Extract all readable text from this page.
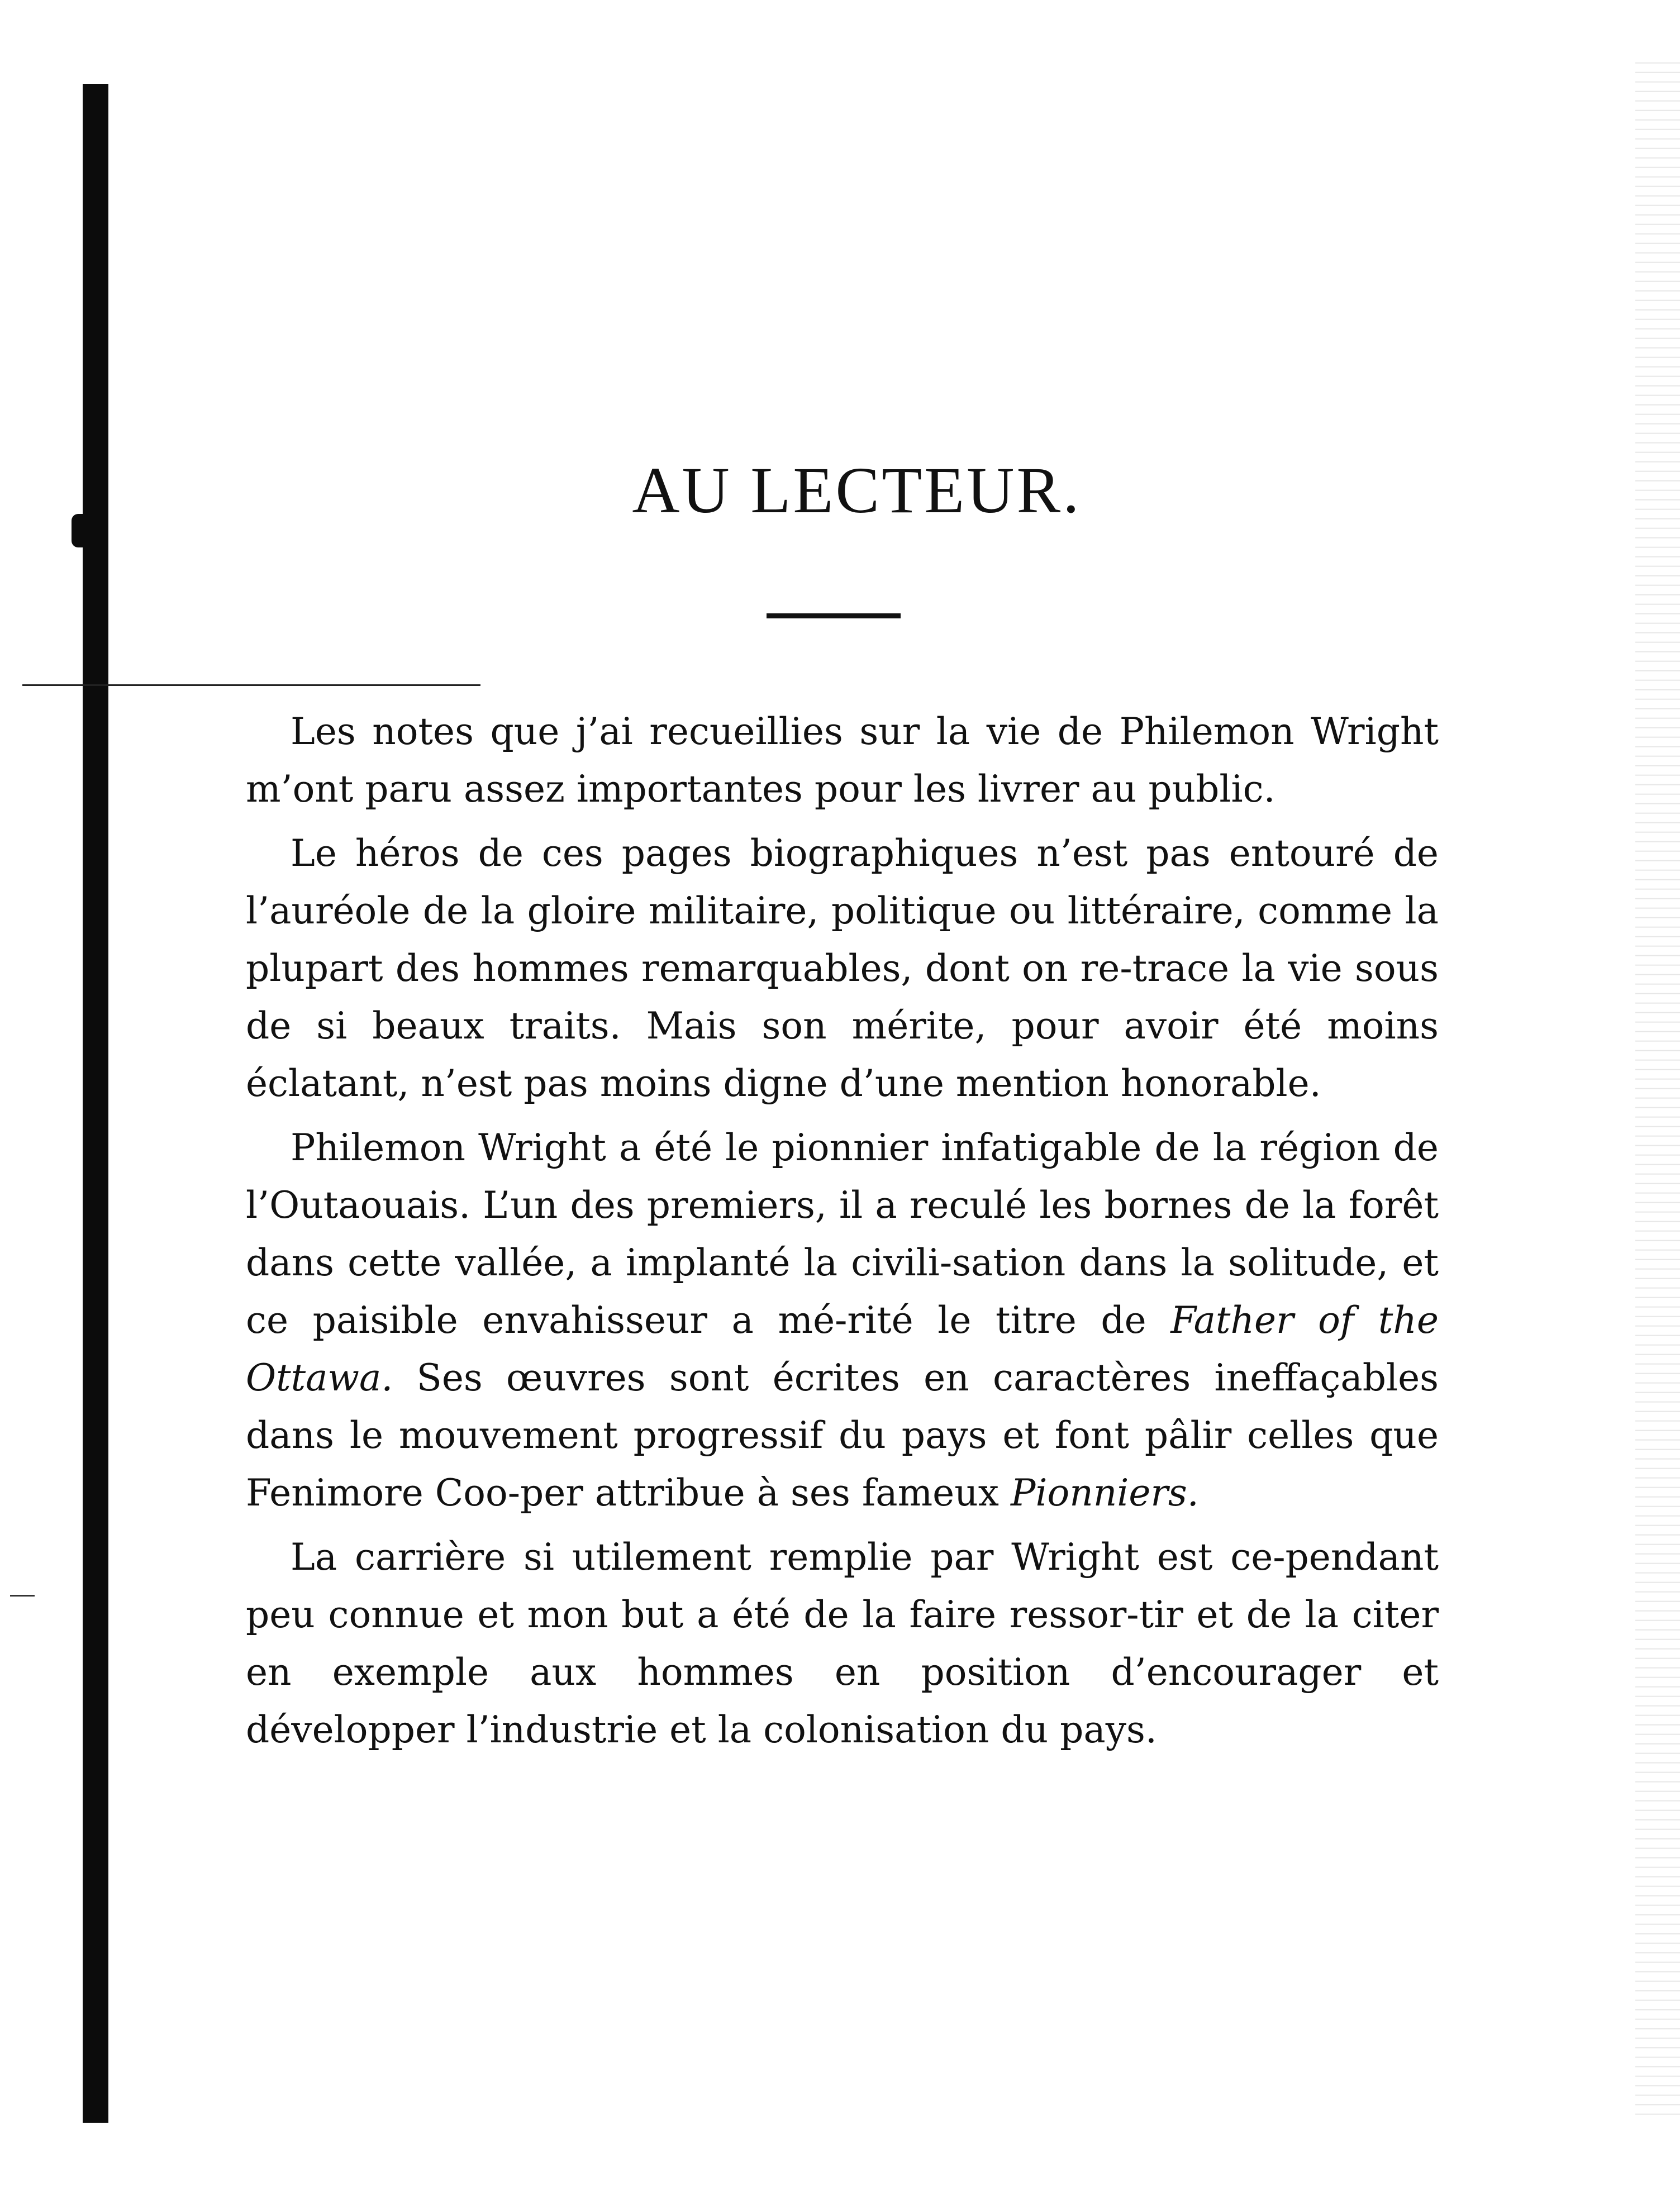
AU LECTEUR.

Les notes que j’ai recueillies sur la vie de Philemon Wright m’ont paru assez importantes pour les livrer au public.

Le héros de ces pages biographiques n’est pas entouré de l’auréole de la gloire militaire, politique ou littéraire, comme la plupart des hommes remarquables, dont on re-trace la vie sous de si beaux traits. Mais son mérite, pour avoir été moins éclatant, n’est pas moins digne d’une mention honorable.

Philemon Wright a été le pionnier infatigable de la région de l’Outaouais. L’un des premiers, il a reculé les bornes de la forêt dans cette vallée, a implanté la civili-sation dans la solitude, et ce paisible envahisseur a mé-rité le titre de Father of the Ottawa. Ses œuvres sont écrites en caractères ineffaçables dans le mouvement progressif du pays et font pâlir celles que Fenimore Coo-per attribue à ses fameux Pionniers.

La carrière si utilement remplie par Wright est ce-pendant peu connue et mon but a été de la faire ressor-tir et de la citer en exemple aux hommes en position d’encourager et développer l’industrie et la colonisation du pays.
